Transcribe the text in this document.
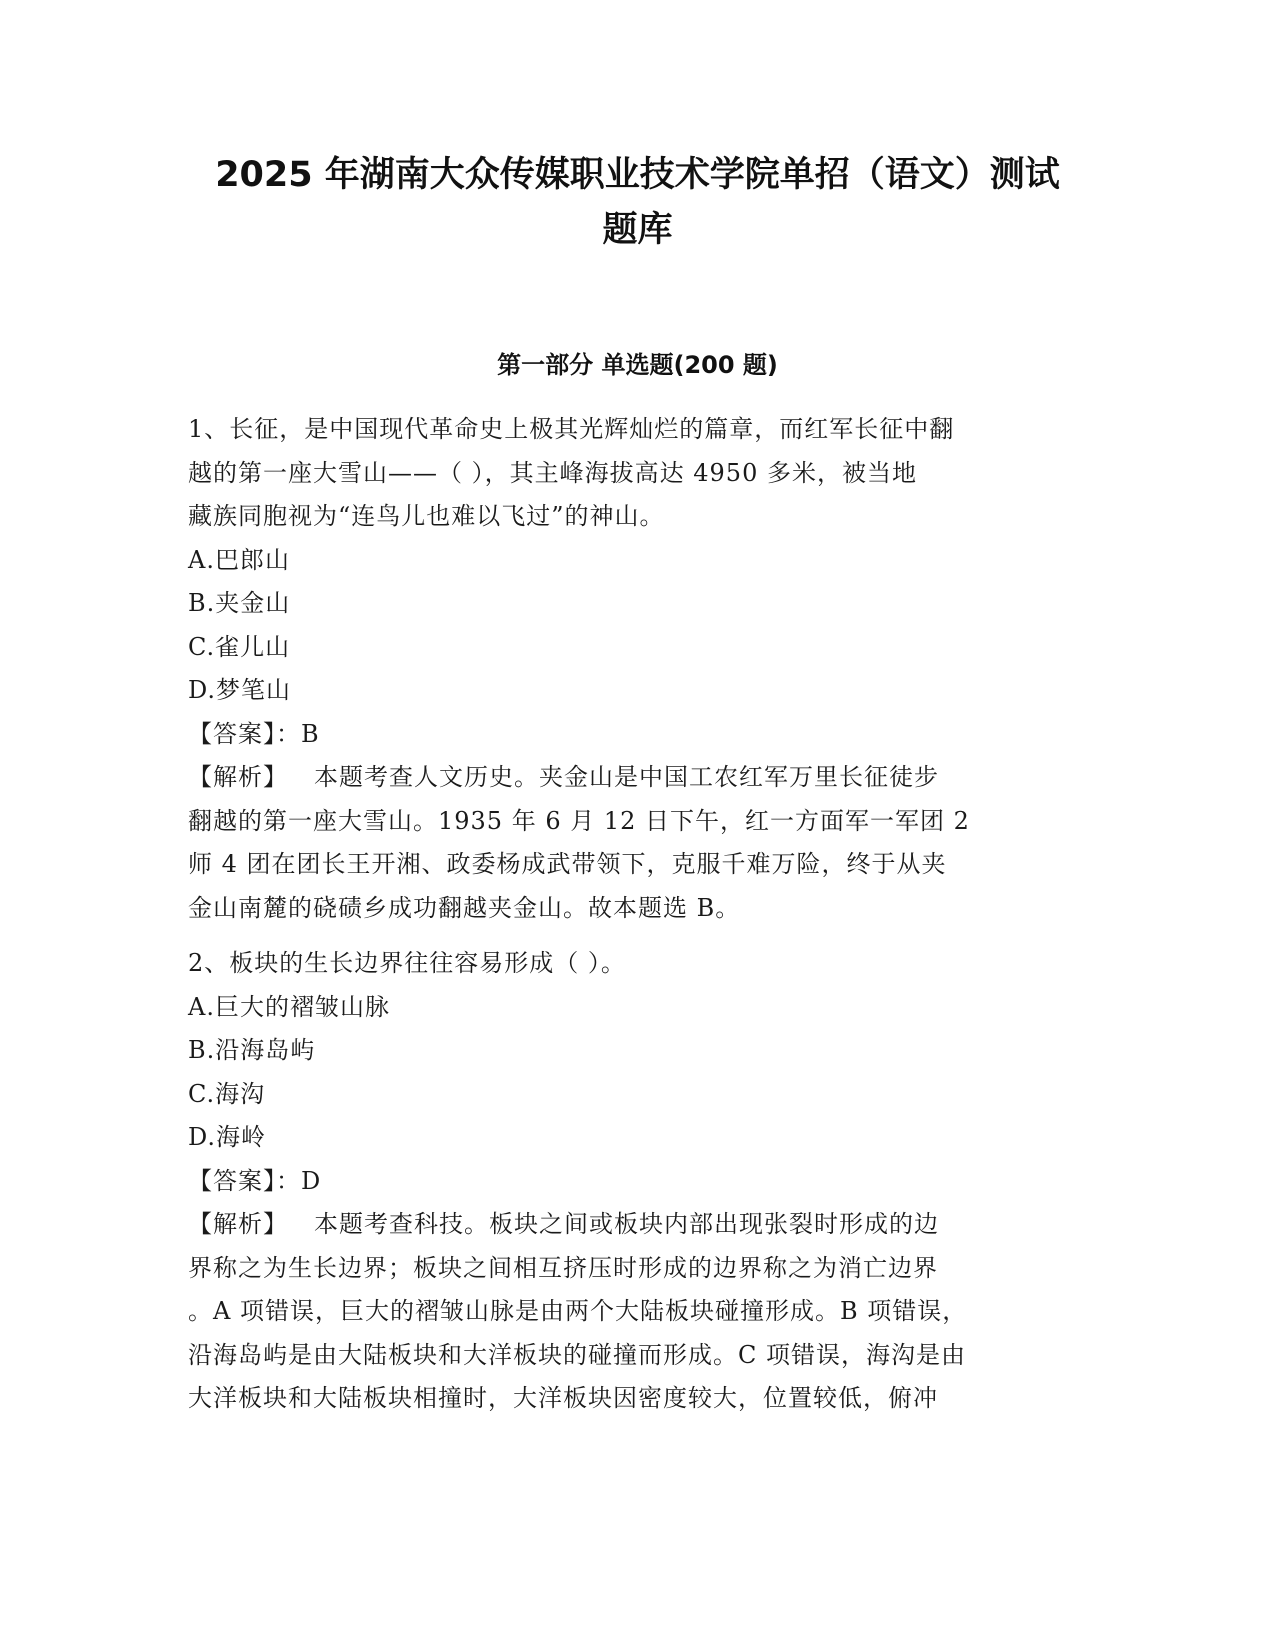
2025 年湖南大众传媒职业技术学院单招（语文）测试
题库
第一部分 单选题(200 题)
1、长征，是中国现代革命史上极其光辉灿烂的篇章，而红军长征中翻
越的第一座大雪山——（ ），其主峰海拔高达 4950 多米，被当地
藏族同胞视为“连鸟儿也难以飞过”的神山。
A.巴郎山
B.夹金山
C.雀儿山
D.梦笔山
【答案】：B
【解析】 本题考查人文历史。夹金山是中国工农红军万里长征徒步
翻越的第一座大雪山。1935 年 6 月 12 日下午，红一方面军一军团 2
师 4 团在团长王开湘、政委杨成武带领下，克服千难万险，终于从夹
金山南麓的硗碛乡成功翻越夹金山。故本题选 B。
2、板块的生长边界往往容易形成（ ）。
A.巨大的褶皱山脉
B.沿海岛屿
C.海沟
D.海岭
【答案】：D
【解析】 本题考查科技。板块之间或板块内部出现张裂时形成的边
界称之为生长边界；板块之间相互挤压时形成的边界称之为消亡边界
。A 项错误，巨大的褶皱山脉是由两个大陆板块碰撞形成。B 项错误，
沿海岛屿是由大陆板块和大洋板块的碰撞而形成。C 项错误，海沟是由
大洋板块和大陆板块相撞时，大洋板块因密度较大，位置较低，俯冲
